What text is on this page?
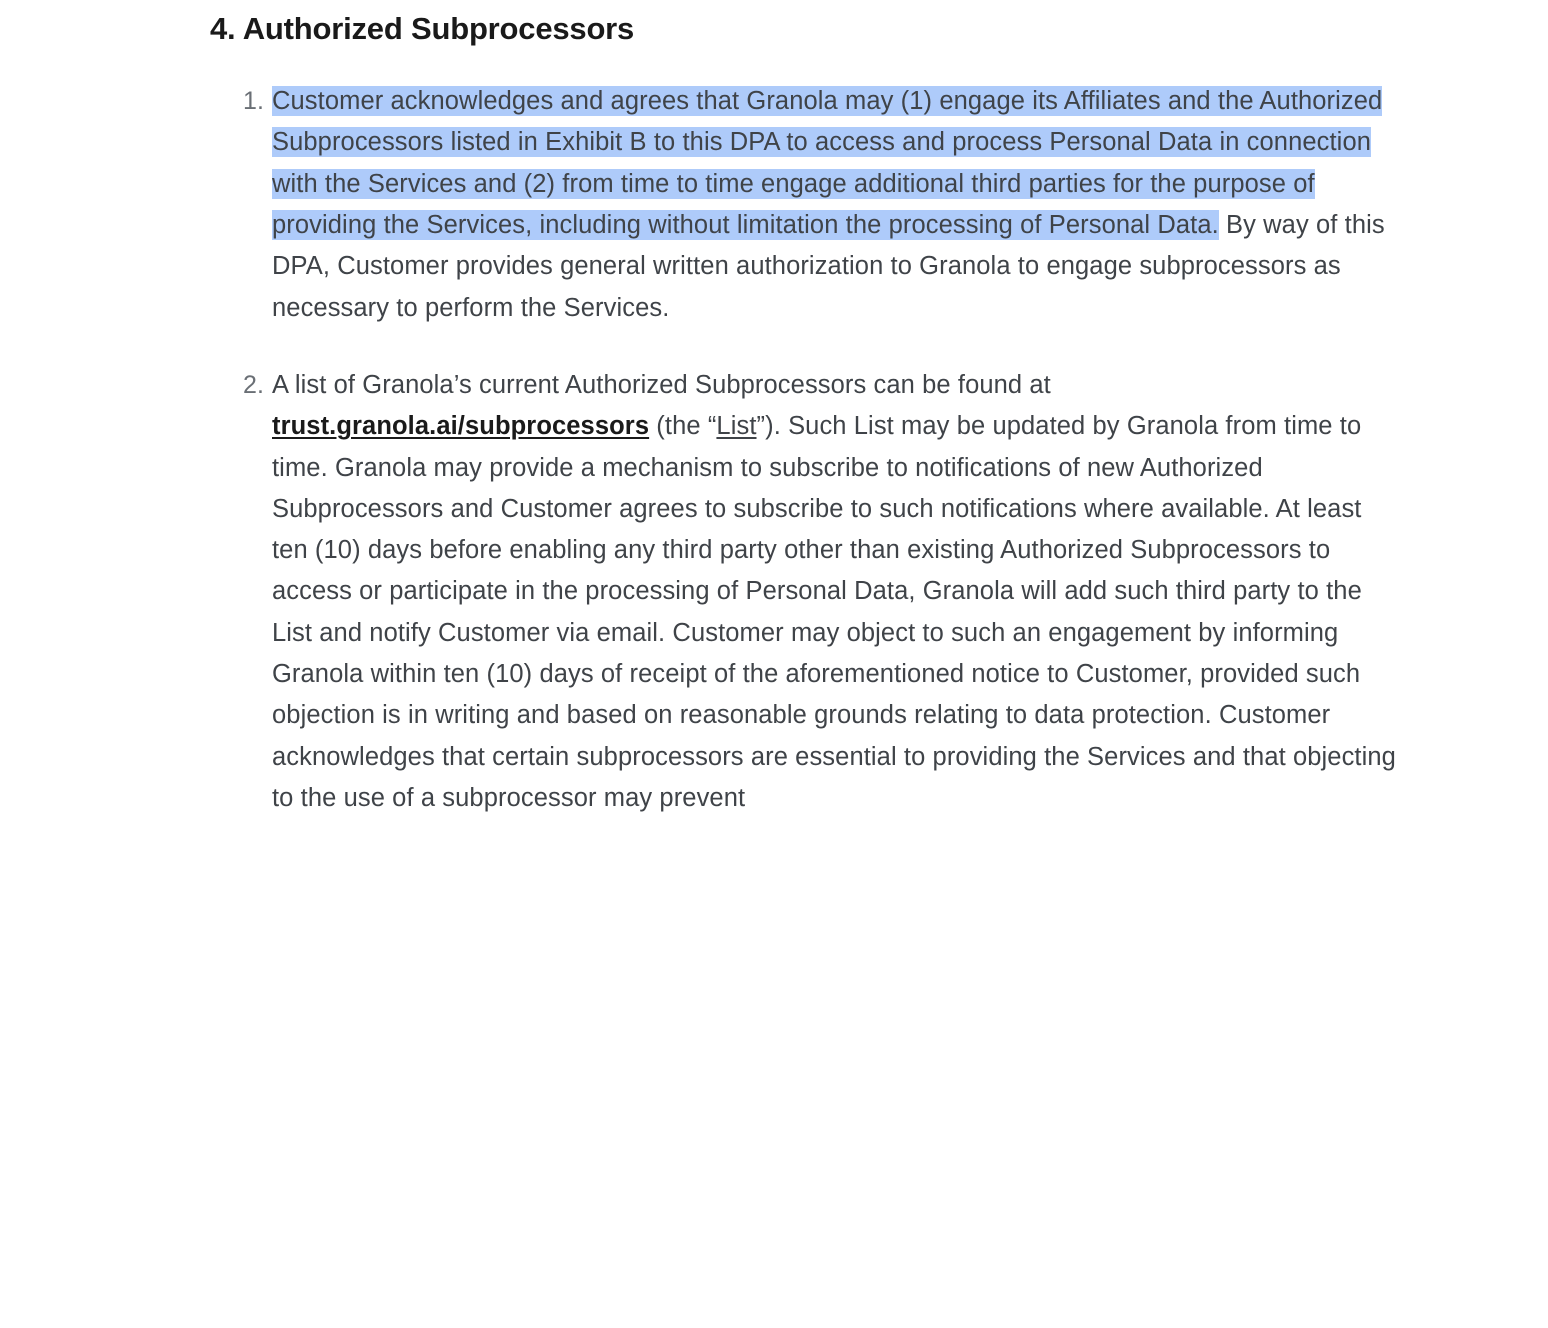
4. Authorized Subprocessors
Customer acknowledges and agrees that Granola may (1) engage its Affiliates and the Authorized Subprocessors listed in Exhibit B to this DPA to access and process Personal Data in connection with the Services and (2) from time to time engage additional third parties for the purpose of providing the Services, including without limitation the processing of Personal Data. By way of this DPA, Customer provides general written authorization to Granola to engage subprocessors as necessary to perform the Services.
A list of Granola’s current Authorized Subprocessors can be found at trust.granola.ai/subprocessors (the “List”). Such List may be updated by Granola from time to time. Granola may provide a mechanism to subscribe to notifications of new Authorized Subprocessors and Customer agrees to subscribe to such notifications where available. At least ten (10) days before enabling any third party other than existing Authorized Subprocessors to access or participate in the processing of Personal Data, Granola will add such third party to the List and notify Customer via email. Customer may object to such an engagement by informing Granola within ten (10) days of receipt of the aforementioned notice to Customer, provided such objection is in writing and based on reasonable grounds relating to data protection. Customer acknowledges that certain subprocessors are essential to providing the Services and that objecting to the use of a subprocessor may prevent
